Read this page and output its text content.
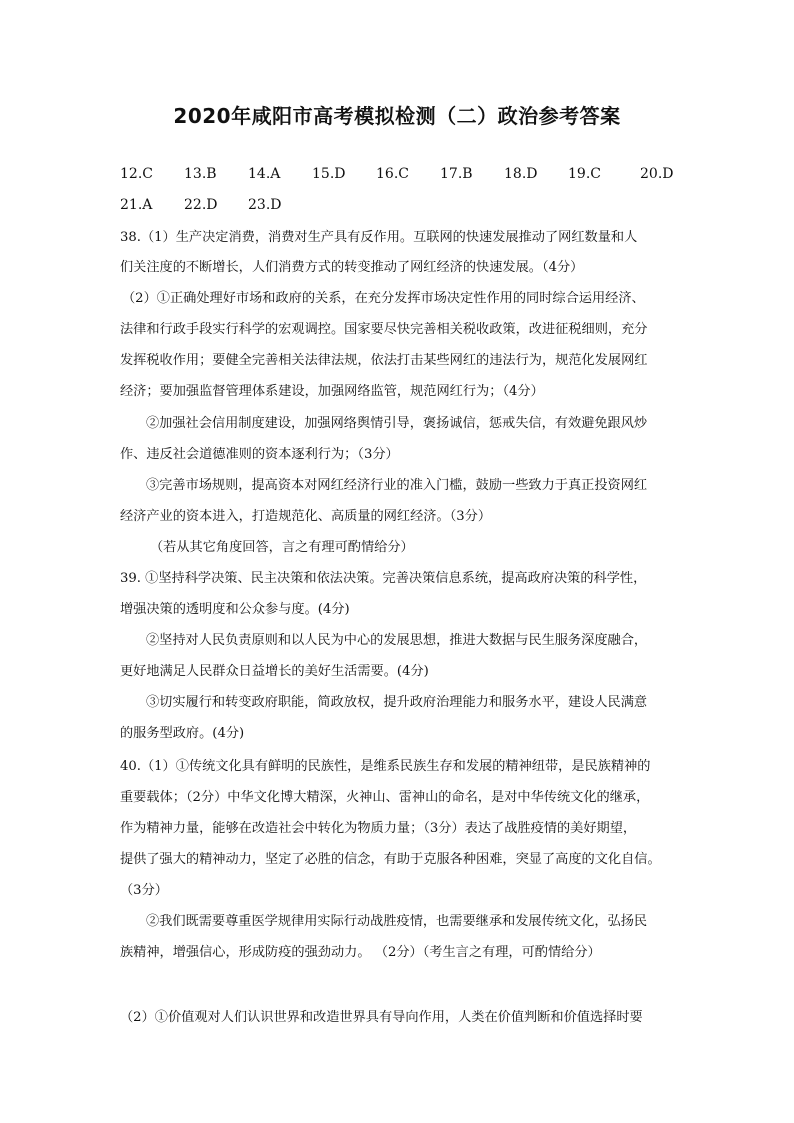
2020年咸阳市高考模拟检测（二）政治参考答案
12.C 13.B 14.A 15.D 16.C 17.B 18.D 19.C	20.D
21.A 22.D 23.D
38.（1）生产决定消费，消费对生产具有反作用。互联网的快速发展推动了网红数量和人
们关注度的不断增长，人们消费方式的转变推动了网红经济的快速发展。（4分）
（2）①正确处理好市场和政府的关系，在充分发挥市场决定性作用的同时综合运用经济、
法律和行政手段实行科学的宏观调控。国家要尽快完善相关税收政策，改进征税细则，充分
发挥税收作用；要健全完善相关法律法规，依法打击某些网红的违法行为，规范化发展网红
经济；要加强监督管理体系建设，加强网络监管，规范网红行为；（4分）
②加强社会信用制度建设，加强网络舆情引导，褒扬诚信，惩戒失信，有效避免跟风炒
作、违反社会道德准则的资本逐利行为；（3分）
③完善市场规则，提高资本对网红经济行业的准入门槛，鼓励一些致力于真正投资网红
经济产业的资本进入，打造规范化、高质量的网红经济。（3分）
（若从其它角度回答，言之有理可酌情给分）
39. ①坚持科学决策、民主决策和依法决策。完善决策信息系统，提高政府决策的科学性，
增强决策的透明度和公众参与度。(4分)
②坚持对人民负责原则和以人民为中心的发展思想，推进大数据与民生服务深度融合，
更好地满足人民群众日益增长的美好生活需要。(4分)
③切实履行和转变政府职能，简政放权，提升政府治理能力和服务水平，建设人民满意
的服务型政府。(4分)
40.（1）①传统文化具有鲜明的民族性，是维系民族生存和发展的精神纽带，是民族精神的
重要载体；（2分）中华文化博大精深，火神山、雷神山的命名，是对中华传统文化的继承，
作为精神力量，能够在改造社会中转化为物质力量；（3分）表达了战胜疫情的美好期望，
提供了强大的精神动力，坚定了必胜的信念，有助于克服各种困难，突显了高度的文化自信。
（3分）
②我们既需要尊重医学规律用实际行动战胜疫情，也需要继承和发展传统文化，弘扬民
族精神，增强信心，形成防疫的强劲动力。 （2分）（考生言之有理，可酌情给分）
（2）①价值观对人们认识世界和改造世界具有导向作用，人类在价值判断和价值选择时要
